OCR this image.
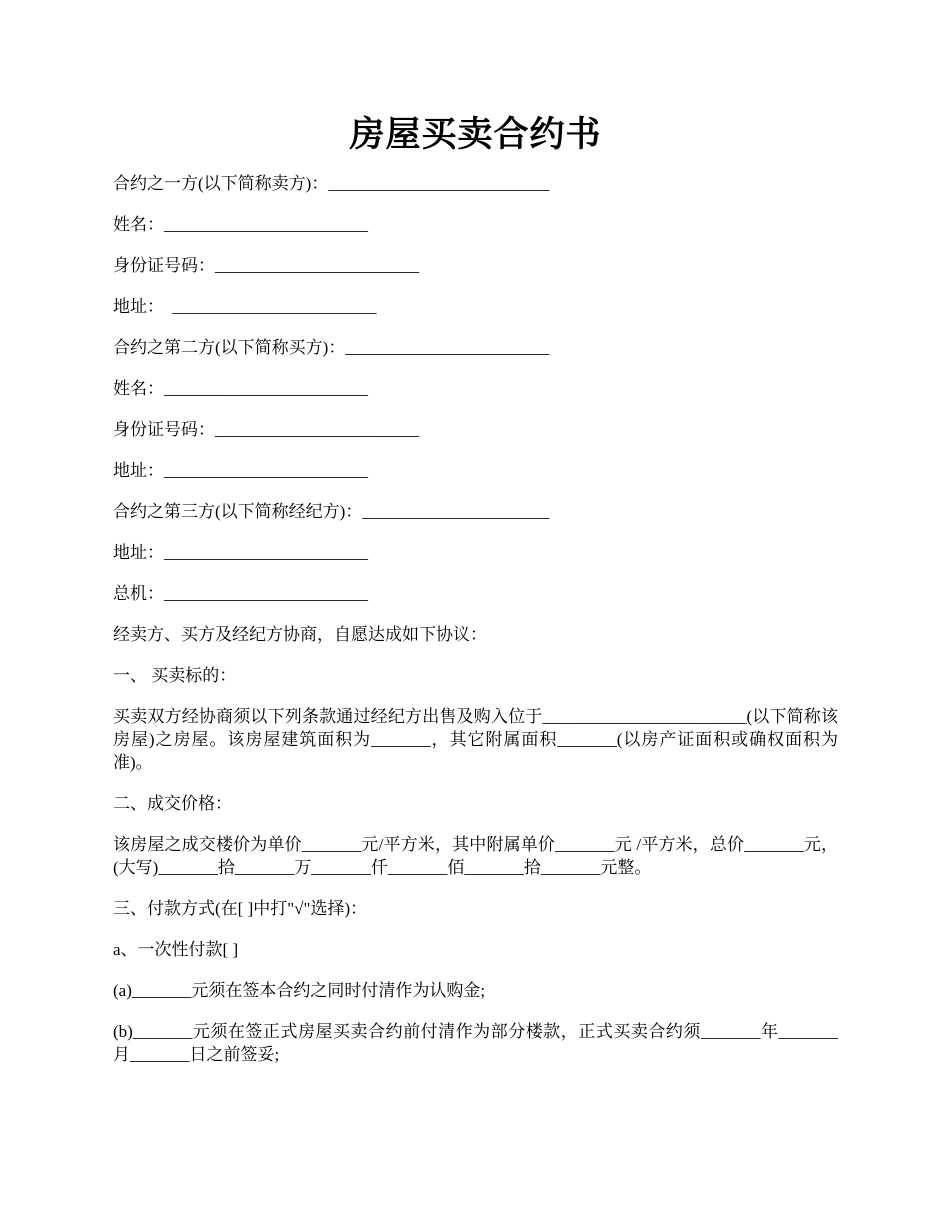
房屋买卖合约书

合约之一方(以下简称卖方)：__________________________

姓名：________________________

身份证号码：________________________

地址：  ________________________

合约之第二方(以下简称买方)：________________________

姓名：________________________

身份证号码：________________________

地址：________________________

合约之第三方(以下简称经纪方)：______________________

地址：________________________

总机：________________________

经卖方、买方及经纪方协商，自愿达成如下协议：

一、 买卖标的：

买卖双方经协商须以下列条款通过经纪方出售及购入位于________________________(以下简称该房屋)之房屋。该房屋建筑面积为_______，其它附属面积_______(以房产证面积或确权面积为准)。

二、成交价格：

该房屋之成交楼价为单价_______元/平方米，其中附属单价_______元 /平方米，总价_______元，(大写)_______拾_______万_______仟_______佰_______拾_______元整。

三、付款方式(在[ ]中打"√"选择)：

a、一次性付款[ ]

(a)_______元须在签本合约之同时付清作为认购金;

(b)_______元须在签正式房屋买卖合约前付清作为部分楼款，正式买卖合约须_______年_______月_______日之前签妥;
